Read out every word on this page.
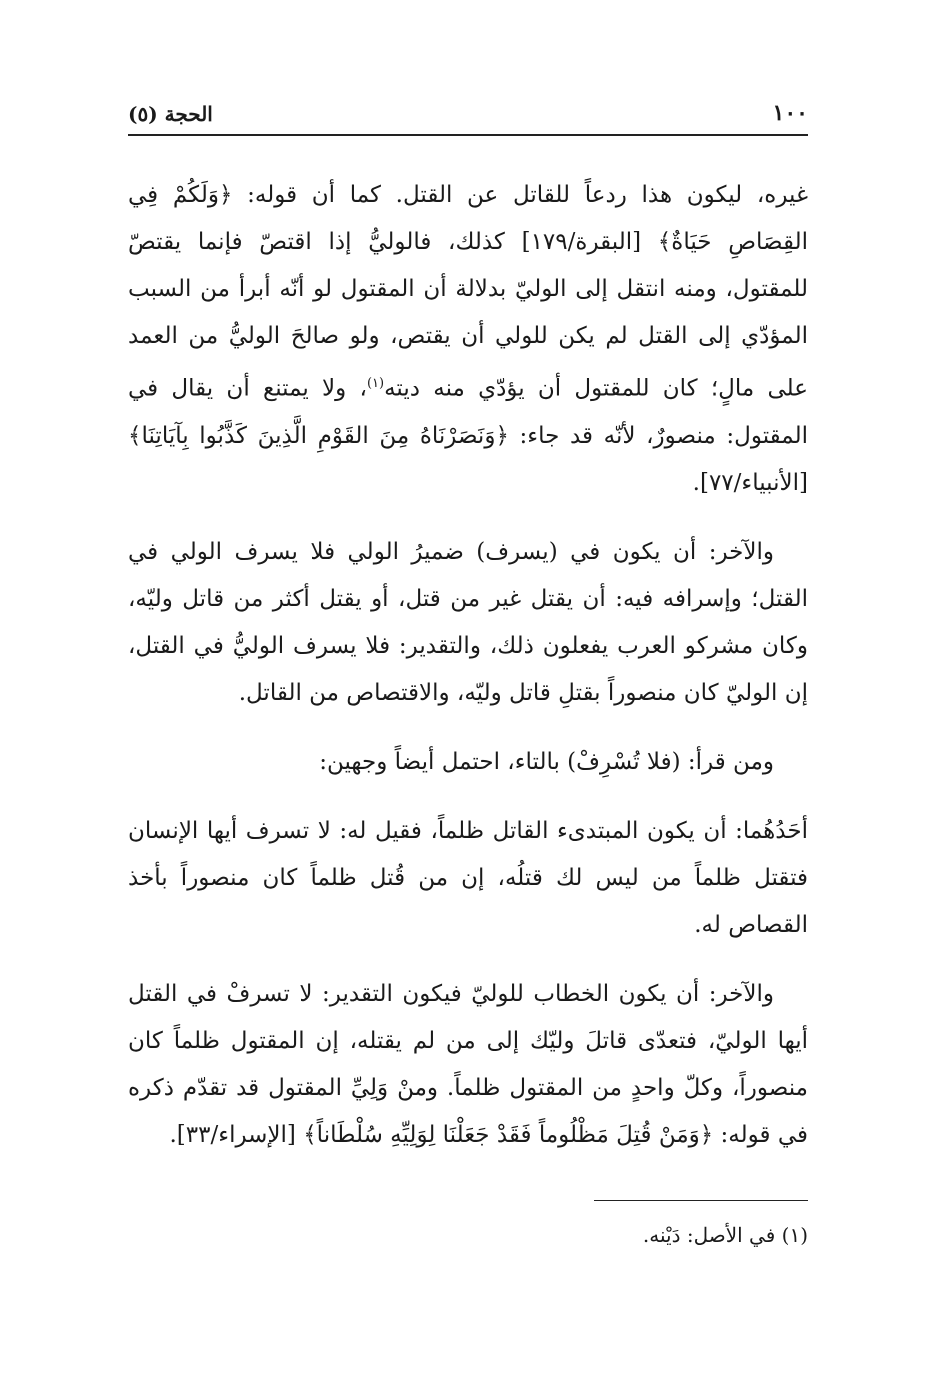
١٠٠
الحجة (٥)

غيره، ليكون هذا ردعاً للقاتل عن القتل. كما أن قوله: ﴿وَلَكُمْ فِي القِصَاصِ حَيَاةٌ﴾ [البقرة/١٧٩] كذلك، فالوليُّ إذا اقتصّ فإنما يقتصّ للمقتول، ومنه انتقل إلى الوليّ بدلالة أن المقتول لو أنّه أبرأ من السبب المؤدّي إلى القتل لم يكن للولي أن يقتص، ولو صالحَ الوليُّ من العمد على مالٍ؛ كان للمقتول أن يؤدّي منه ديته$^{(١)}$، ولا يمتنع أن يقال في المقتول: منصورٌ، لأنّه قد جاء: ﴿وَنَصَرْنَاهُ مِنَ القَوْمِ الَّذِينَ كَذَّبُوا بِآيَاتِنَا﴾ [الأنبياء/٧٧].

والآخر: أن يكون في (يسرف) ضميرُ الولي فلا يسرف الولي في القتل؛ وإسرافه فيه: أن يقتل غير من قتل، أو يقتل أكثر من قاتل وليّه، وكان مشركو العرب يفعلون ذلك، والتقدير: فلا يسرف الوليُّ في القتل، إن الوليّ كان منصوراً بقتلِ قاتل وليّه، والاقتصاص من القاتل.

ومن قرأ: (فلا تُسْرِفْ) بالتاء، احتمل أيضاً وجهين:

أحَدُهُما: أن يكون المبتدىء القاتل ظلماً، فقيل له: لا تسرف أيها الإنسان فتقتل ظلماً من ليس لك قتلُه، إن من قُتل ظلماً كان منصوراً بأخذ القصاص له.

والآخر: أن يكون الخطاب للوليّ فيكون التقدير: لا تسرفْ في القتل أيها الوليّ، فتعدّى قاتلَ وليّك إلى من لم يقتله، إن المقتول ظلماً كان منصوراً، وكلّ واحدٍ من المقتول ظلماً. ومنْ وَلِيِّ المقتول قد تقدّم ذكره في قوله: ﴿وَمَنْ قُتِلَ مَظْلُوماً فَقَدْ جَعَلْنَا لِوَلِيِّهِ سُلْطَاناً﴾ [الإسراء/٣٣].

(١) في الأصل: دَيْنه.
